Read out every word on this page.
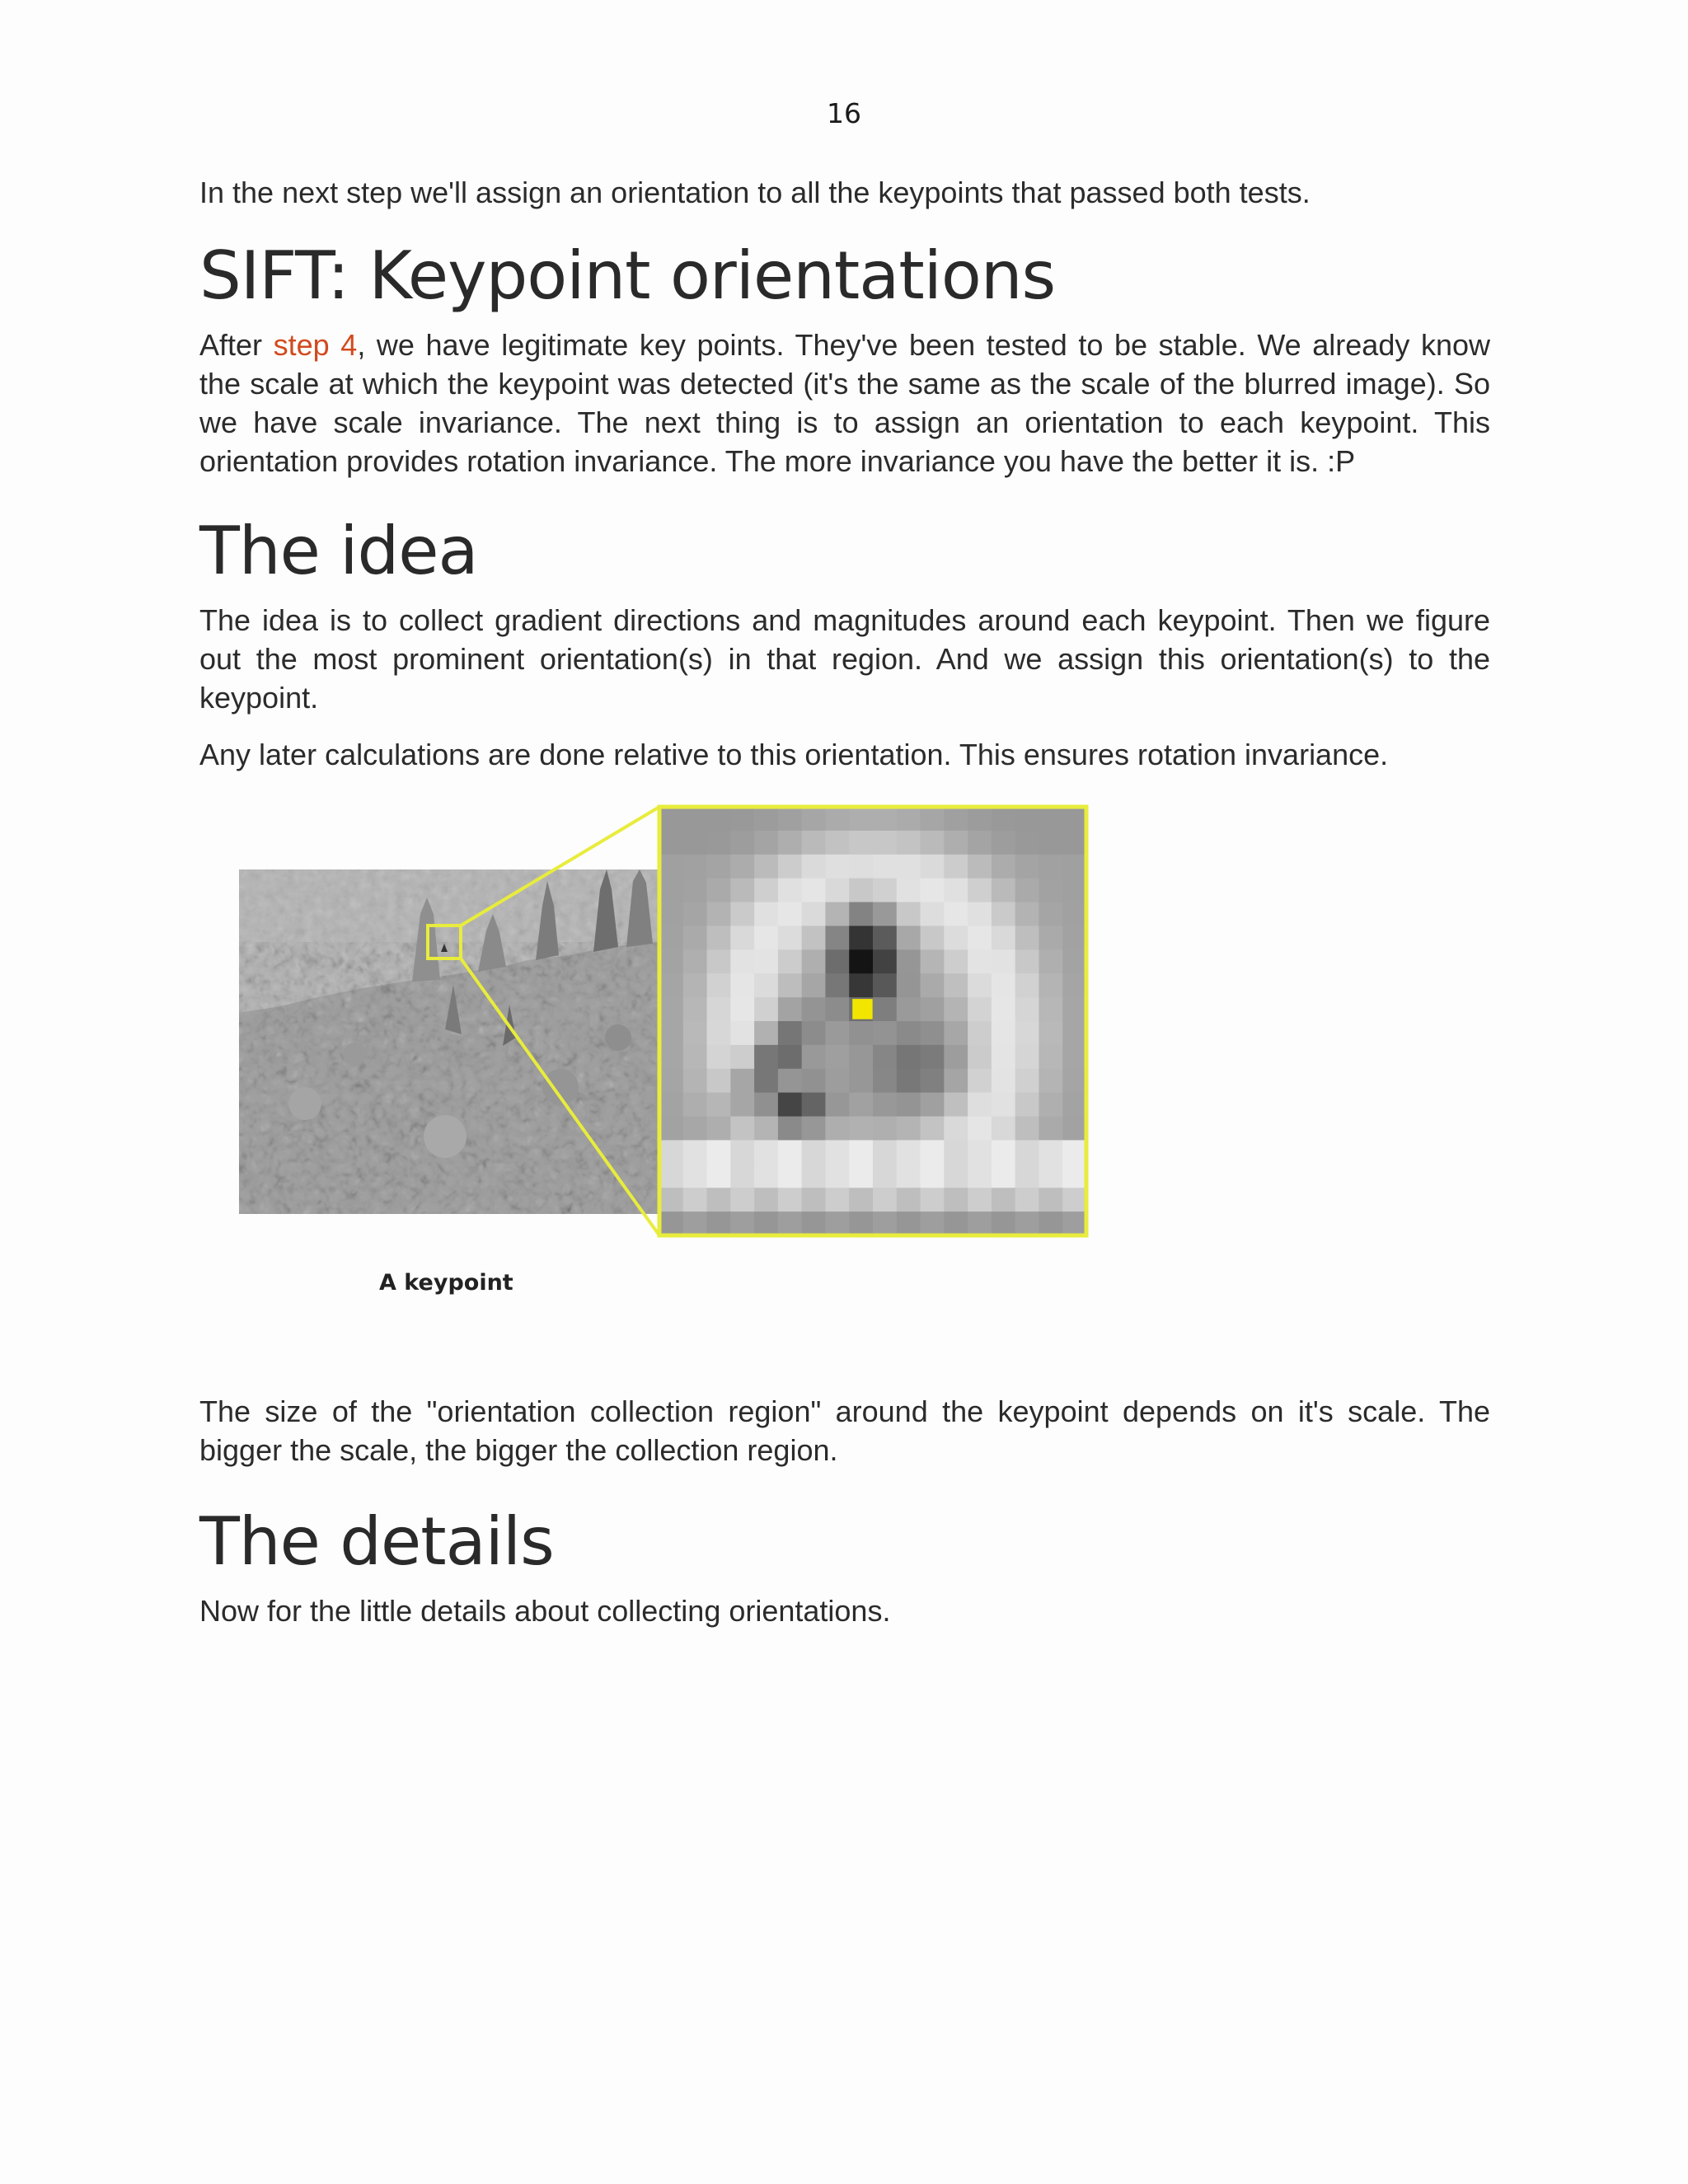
16

In the next step we'll assign an orientation to all the keypoints that passed both tests.

SIFT: Keypoint orientations

After step 4, we have legitimate key points. They've been tested to be stable. We already know the scale at which the keypoint was detected (it's the same as the scale of the blurred image). So we have scale invariance. The next thing is to assign an orientation to each keypoint. This orientation provides rotation invariance. The more invariance you have the better it is. :P

The idea

The idea is to collect gradient directions and magnitudes around each keypoint. Then we figure out the most prominent orientation(s) in that region. And we assign this orientation(s) to the keypoint.

Any later calculations are done relative to this orientation. This ensures rotation invariance.

A keypoint

The size of the "orientation collection region" around the keypoint depends on it's scale. The bigger the scale, the bigger the collection region.

The details

Now for the little details about collecting orientations.
